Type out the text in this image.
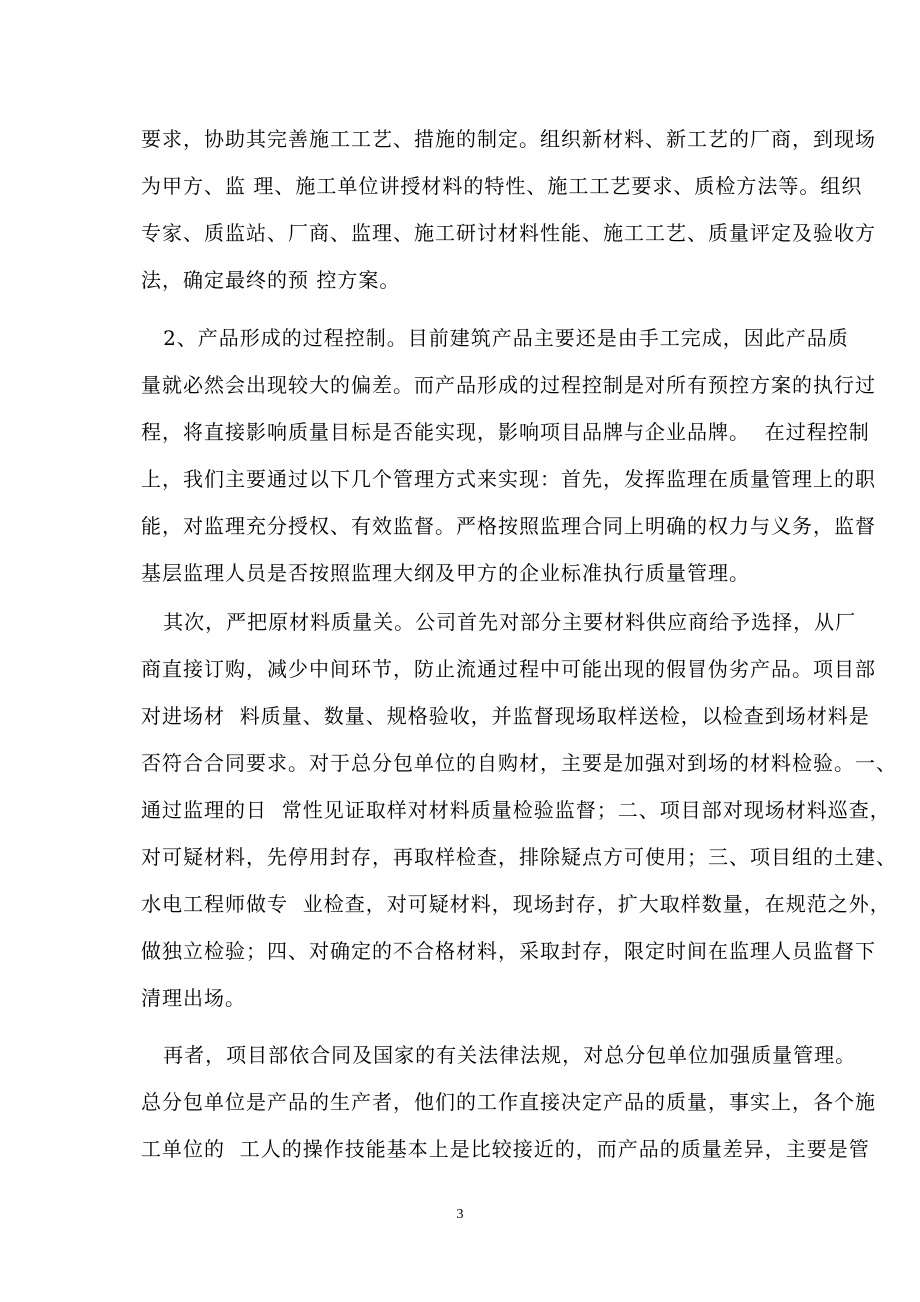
要求，协助其完善施工工艺、措施的制定。组织新材料、新工艺的厂商，到现场
为甲方、监 理、施工单位讲授材料的特性、施工工艺要求、质检方法等。组织
专家、质监站、厂商、监理、施工研讨材料性能、施工工艺、质量评定及验收方
法，确定最终的预 控方案。
2、产品形成的过程控制。目前建筑产品主要还是由手工完成，因此产品质
量就必然会出现较大的偏差。而产品形成的过程控制是对所有预控方案的执行过
程，将直接影响质量目标是否能实现，影响项目品牌与企业品牌。  在过程控制
上，我们主要通过以下几个管理方式来实现：首先，发挥监理在质量管理上的职
能，对监理充分授权、有效监督。严格按照监理合同上明确的权力与义务，监督
基层监理人员是否按照监理大纲及甲方的企业标准执行质量管理。
其次，严把原材料质量关。公司首先对部分主要材料供应商给予选择，从厂
商直接订购，减少中间环节，防止流通过程中可能出现的假冒伪劣产品。项目部
对进场材  料质量、数量、规格验收，并监督现场取样送检，以检查到场材料是
否符合合同要求。对于总分包单位的自购材，主要是加强对到场的材料检验。一、
通过监理的日  常性见证取样对材料质量检验监督；二、项目部对现场材料巡查，
对可疑材料，先停用封存，再取样检查，排除疑点方可使用；三、项目组的土建、
水电工程师做专  业检查，对可疑材料，现场封存，扩大取样数量，在规范之外，
做独立检验；四、对确定的不合格材料，采取封存，限定时间在监理人员监督下
清理出场。
再者，项目部依合同及国家的有关法律法规，对总分包单位加强质量管理。
总分包单位是产品的生产者，他们的工作直接决定产品的质量，事实上，各个施
工单位的  工人的操作技能基本上是比较接近的，而产品的质量差异，主要是管
3
